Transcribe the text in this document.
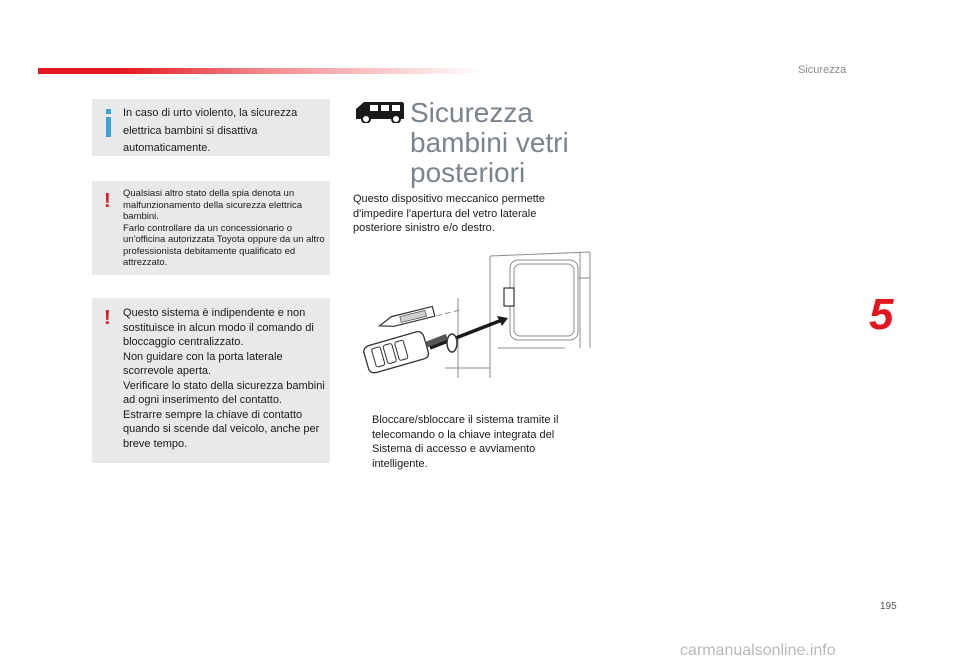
Sicurezza
In caso di urto violento, la sicurezza elettrica bambini si disattiva automaticamente.
! Qualsiasi altro stato della spia denota un malfunzionamento della sicurezza elettrica bambini.
Farlo controllare da un concessionario o un'officina autorizzata Toyota oppure da un altro professionista debitamente qualificato ed attrezzato.
! Questo sistema è indipendente e non sostituisce in alcun modo il comando di bloccaggio centralizzato.
Non guidare con la porta laterale scorrevole aperta.
Verificare lo stato della sicurezza bambini ad ogni inserimento del contatto.
Estrarre sempre la chiave di contatto quando si scende dal veicolo, anche per breve tempo.
Sicurezza
bambini vetri
posteriori
Questo dispositivo meccanico permette d'impedire l'apertura del vetro laterale posteriore sinistro e/o destro.
Bloccare/sbloccare il sistema tramite il telecomando o la chiave integrata del Sistema di accesso e avviamento intelligente.
5
195
carmanualsonline.info
